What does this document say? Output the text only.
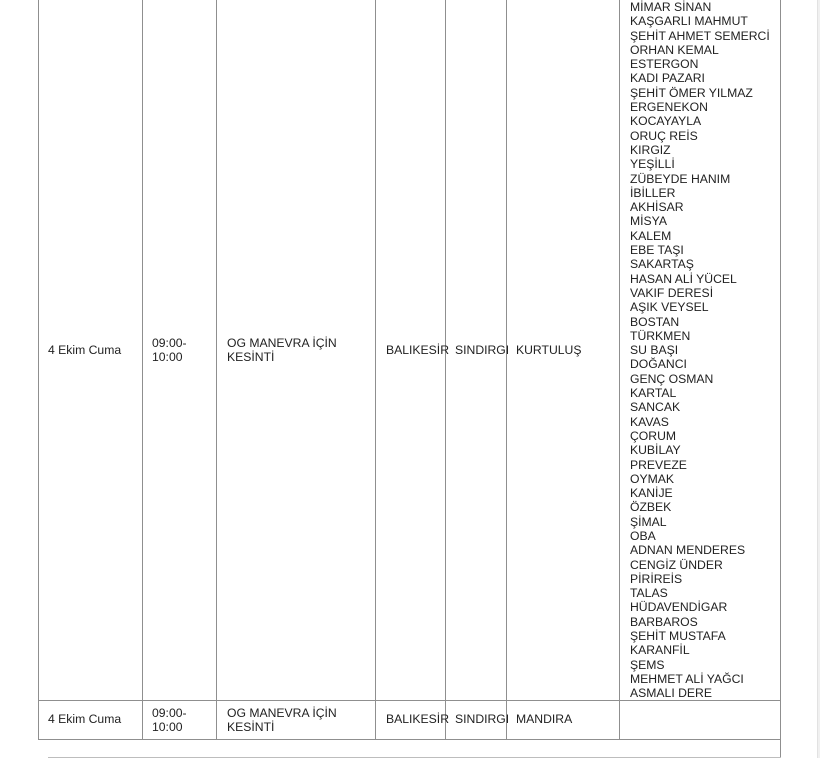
4 Ekim Cuma	09:00-10:00
OG MANEVRA İÇİN KESİNTİ
BALIKESİR SINDIRGI KURTULUŞ
MİMAR SİNAN
KAŞGARLI MAHMUT
ŞEHİT AHMET SEMERCİ
ORHAN KEMAL
ESTERGON
KADI PAZARI
ŞEHİT ÖMER YILMAZ
ERGENEKON
KOCAYAYLA
ORUÇ REİS
KIRGIZ
YEŞİLLİ
ZÜBEYDE HANIM
İBİLLER
AKHİSAR
MİSYA
KALEM
EBE TAŞI
SAKARTAŞ
HASAN ALİ YÜCEL
VAKIF DERESİ
AŞIK VEYSEL
BOSTAN
TÜRKMEN
SU BAŞI
DOĞANCI
GENÇ OSMAN
KARTAL
SANCAK
KAVAS
ÇORUM
KUBİLAY
PREVEZE
OYMAK
KANİJE
ÖZBEK
ŞİMAL
OBA
ADNAN MENDERES
CENGİZ ÜNDER
PİRİREİS
TALAS
HÜDAVENDİGAR
BARBAROS
ŞEHİT MUSTAFA
KARANFİL
ŞEMS
MEHMET ALİ YAĞCI
ASMALI DERE
4 Ekim Cuma	09:00-10:00
OG MANEVRA İÇİN KESİNTİ
BALIKESİR SINDIRGI MANDIRA
